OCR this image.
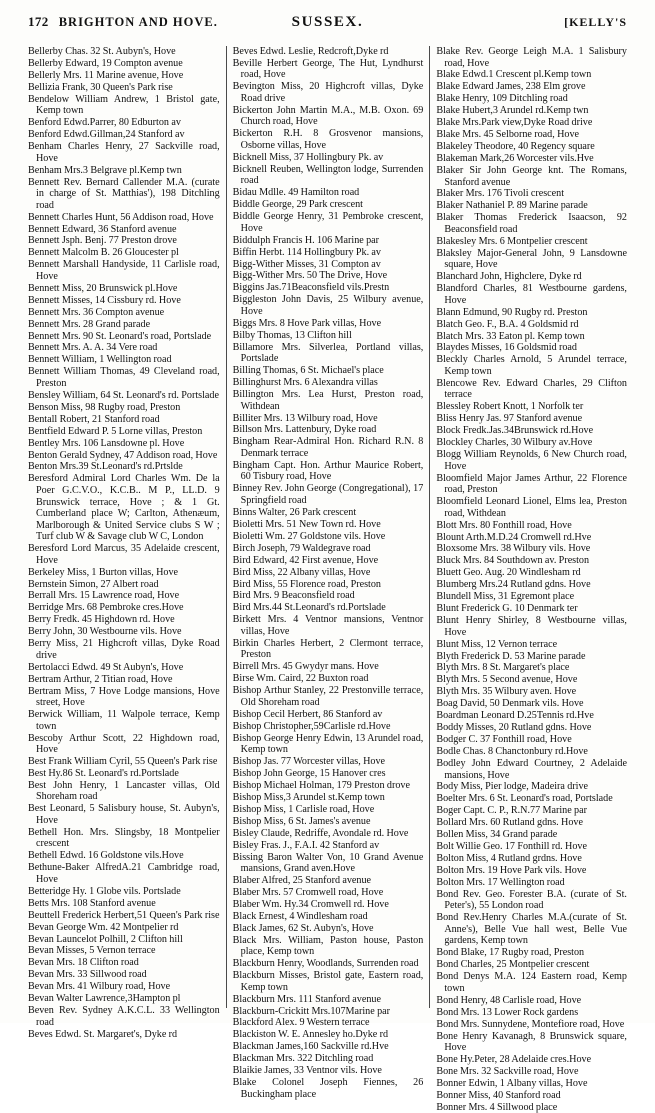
172 BRIGHTON AND HOVE.	SUSSEX.	[KELLY'S
Bellerby Chas. 32 St. Aubyn's, Hove
Bellerby Edward, 19 Compton avenue
Bellerly Mrs. 11 Marine avenue, Hove
Bellizia Frank, 30 Queen's Park rise
Bendelow William Andrew, 1 Bristol gate, Kemp town
Benford Edwd.Parrer, 80 Edburton av
Benford Edwd.Gillman,24 Stanford av
Benham Charles Henry, 27 Sackville road, Hove
Benham Mrs.3 Belgrave pl.Kemp twn
Bennett Rev. Bernard Callender M.A. (curate in charge of St. Matthias'), 198 Ditchling road
Bennett Charles Hunt, 56 Addison road, Hove
Bennett Edward, 36 Stanford avenue
Bennett Jsph. Benj. 77 Preston drove
Bennett Malcolm B. 26 Gloucester pl
Bennett Marshall Handyside, 11 Carlisle road, Hove
Bennett Miss, 20 Brunswick pl.Hove
Bennett Misses, 14 Cissbury rd. Hove
Bennett Mrs. 36 Compton avenue
Bennett Mrs. 28 Grand parade
Bennett Mrs. 90 St. Leonard's road, Portslade
Bennett Mrs. A. A. 34 Vere road
Bennett William, 1 Wellington road
Bennett William Thomas, 49 Cleveland road, Preston
Bensley William, 64 St. Leonard's rd. Portslade
Benson Miss, 98 Rugby road, Preston
Bentall Robert, 21 Stanford road
Bentfield Edward P. 5 Lorne villas, Preston
Bentley Mrs. 106 Lansdowne pl. Hove
Benton Gerald Sydney, 47 Addison road, Hove
Benton Mrs.39 St.Leonard's rd.Prtslde
Beresford Admiral Lord Charles Wm. De la Poer G.C.V.O., K.C.B.. M P., LL.D. 9 Brunswick terrace, Hove ; & 1 Gt. Cumberland place W; Carlton, Athenæum, Marlborough & United Service clubs S W ; Turf club W & Savage club W C, London
Beresford Lord Marcus, 35 Adelaide crescent, Hove
Berkeley Miss, 1 Burton villas, Hove
Bernstein Simon, 27 Albert road
Berrall Mrs. 15 Lawrence road, Hove
Berridge Mrs. 68 Pembroke cres.Hove
Berry Fredk. 45 Highdown rd. Hove
Berry John, 30 Westbourne vils. Hove
Berry Miss, 21 Highcroft villas, Dyke Road drive
Bertolacci Edwd. 49 St Aubyn's, Hove
Bertram Arthur, 2 Titian road, Hove
Bertram Miss, 7 Hove Lodge mansions, Hove street, Hove
Berwick William, 11 Walpole terrace, Kemp town
Bescoby Arthur Scott, 22 Highdown road, Hove
Best Frank William Cyril, 55 Queen's Park rise
Best Hy.86 St. Leonard's rd.Portslade
Best John Henry, 1 Lancaster villas, Old Shoreham road
Best Leonard, 5 Salisbury house, St. Aubyn's, Hove
Bethell Hon. Mrs. Slingsby, 18 Montpelier crescent
Bethell Edwd. 16 Goldstone vils.Hove
Bethune-Baker AlfredA.21 Cambridge road, Hove
Betteridge Hy. 1 Globe vils. Portslade
Betts Mrs. 108 Stanford avenue
Beuttell Frederick Herbert,51 Queen's Park rise
Bevan George Wm. 42 Montpelier rd
Bevan Launcelot Polhill, 2 Clifton hill
Bevan Misses, 5 Vernon terrace
Bevan Mrs. 18 Clifton road
Bevan Mrs. 33 Sillwood road
Bevan Mrs. 41 Wilbury road, Hove
Bevan Walter Lawrence,3Hampton pl
Beven Rev. Sydney A.K.C.L. 33 Wellington road
Beves Edwd. St. Margaret's, Dyke rd
Beves Edwd. Leslie, Redcroft,Dyke rd
Beville Herbert George, The Hut, Lyndhurst road, Hove
Bevington Miss, 20 Highcroft villas, Dyke Road drive
Bickerton John Martin M.A., M.B. Oxon. 69 Church road, Hove
Bickerton R.H. 8 Grosvenor mansions, Osborne villas, Hove
Bicknell Miss, 37 Hollingbury Pk. av
Bicknell Reuben, Wellington lodge, Surrenden road
Bidau Mdlle. 49 Hamilton road
Biddle George, 29 Park crescent
Biddle George Henry, 31 Pembroke crescent, Hove
Biddulph Francis H. 106 Marine par
Biffin Herbt. 114 Hollingbury Pk. av
Bigg-Wither Misses, 31 Compton av
Bigg-Wither Mrs. 50 The Drive, Hove
Biggins Jas.71Beaconsfield vils.Prestn
Biggleston John Davis, 25 Wilbury avenue, Hove
Biggs Mrs. 8 Hove Park villas, Hove
Bilby Thomas, 13 Clifton hill
Billamore Mrs. Silverlea, Portland villas, Portslade
Billing Thomas, 6 St. Michael's place
Billinghurst Mrs. 6 Alexandra villas
Billington Mrs. Lea Hurst, Preston road, Withdean
Billiter Mrs. 13 Wilbury road, Hove
Billson Mrs. Lattenbury, Dyke road
Bingham Rear-Admiral Hon. Richard R.N. 8 Denmark terrace
Bingham Capt. Hon. Arthur Maurice Robert, 60 Tisbury road, Hove
Binney Rev. John George (Congregational), 17 Springfield road
Binns Walter, 26 Park crescent
Bioletti Mrs. 51 New Town rd. Hove
Bioletti Wm. 27 Goldstone vils. Hove
Birch Joseph, 79 Waldegrave road
Bird Edward, 42 First avenue, Hove
Bird Miss, 22 Albany villas, Hove
Bird Miss, 55 Florence road, Preston
Bird Mrs. 9 Beaconsfield road
Bird Mrs.44 St.Leonard's rd.Portslade
Birkett Mrs. 4 Ventnor mansions, Ventnor villas, Hove
Birkin Charles Herbert, 2 Clermont terrace, Preston
Birrell Mrs. 45 Gwydyr mans. Hove
Birse Wm. Caird, 22 Buxton road
Bishop Arthur Stanley, 22 Prestonville terrace, Old Shoreham road
Bishop Cecil Herbert, 86 Stanford av
Bishop Christopher,59Carlisle rd.Hove
Bishop George Henry Edwin, 13 Arundel road, Kemp town
Bishop Jas. 77 Worcester villas, Hove
Bishop John George, 15 Hanover cres
Bishop Michael Holman, 179 Preston drove
Bishop Miss,3 Arundel st.Kemp town
Bishop Miss, 1 Carlisle road, Hove
Bishop Miss, 6 St. James's avenue
Bisley Claude, Redriffe, Avondale rd. Hove
Bisley Fras. J., F.A.I. 42 Stanford av
Bissing Baron Walter Von, 10 Grand Avenue mansions, Grand aven.Hove
Blaber Alfred, 25 Stanford avenue
Blaber Mrs. 57 Cromwell road, Hove
Blaber Wm. Hy.34 Cromwell rd. Hove
Black Ernest, 4 Windlesham road
Black James, 62 St. Aubyn's, Hove
Black Mrs. William, Paston house, Paston place, Kemp town
Blackburn Henry, Woodlands, Surrenden road
Blackburn Misses, Bristol gate, Eastern road, Kemp town
Blackburn Mrs. 111 Stanford avenue
Blackburn-Crickitt Mrs.107Marine par
Blackford Alex. 9 Western terrace
Blackiston W. E. Annesley ho.Dyke rd
Blackman James,160 Sackville rd.Hve
Blackman Mrs. 322 Ditchling road
Blaikie James, 33 Ventnor vils. Hove
Blake Colonel Joseph Fiennes, 26 Buckingham place
Blake Rev. George Leigh M.A. 1 Salisbury road, Hove
Blake Edwd.1 Crescent pl.Kemp town
Blake Edward James, 238 Elm grove
Blake Henry, 109 Ditchling road
Blake Hubert,3 Arundel rd.Kemp twn
Blake Mrs.Park view,Dyke Road drive
Blake Mrs. 45 Selborne road, Hove
Blakeley Theodore, 40 Regency square
Blakeman Mark,26 Worcester vils.Hve
Blaker Sir John George knt. The Romans, Stanford avenue
Blaker Mrs. 176 Tivoli crescent
Blaker Nathaniel P. 89 Marine parade
Blaker Thomas Frederick Isaacson, 92 Beaconsfield road
Blakesley Mrs. 6 Montpelier crescent
Blaksley Major-General John, 9 Lansdowne square, Hove
Blanchard John, Highclere, Dyke rd
Blandford Charles, 81 Westbourne gardens, Hove
Blann Edmund, 90 Rugby rd. Preston
Blatch Geo. F., B.A. 4 Goldsmid rd
Blatch Mrs. 33 Eaton pl. Kemp town
Blaydes Misses, 16 Goldsmid road
Bleckly Charles Arnold, 5 Arundel terrace, Kemp town
Blencowe Rev. Edward Charles, 29 Clifton terrace
Blessley Robert Knott, 1 Norfolk ter
Bliss Henry Jas. 97 Stanford avenue
Block Fredk.Jas.34Brunswick rd.Hove
Blockley Charles, 30 Wilbury av.Hove
Blogg William Reynolds, 6 New Church road, Hove
Bloomfield Major James Arthur, 22 Florence road, Preston
Bloomfield Leonard Lionel, Elms lea, Preston road, Withdean
Blott Mrs. 80 Fonthill road, Hove
Blount Arth.M.D.24 Cromwell rd.Hve
Bloxsome Mrs. 38 Wilbury vils. Hove
Bluck Mrs. 84 Southdown av. Preston
Bluett Geo. Aug. 20 Windlesham rd
Blumberg Mrs.24 Rutland gdns. Hove
Blundell Miss, 31 Egremont place
Blunt Frederick G. 10 Denmark ter
Blunt Henry Shirley, 8 Westbourne villas, Hove
Blunt Miss, 12 Vernon terrace
Blyth Frederick D. 53 Marine parade
Blyth Mrs. 8 St. Margaret's place
Blyth Mrs. 5 Second avenue, Hove
Blyth Mrs. 35 Wilbury aven. Hove
Boag David, 50 Denmark vils. Hove
Boardman Leonard D.25Tennis rd.Hve
Boddy Misses, 20 Rutland gdns. Hove
Bodger C. 37 Fonthill road, Hove
Bodle Chas. 8 Chanctonbury rd.Hove
Bodley John Edward Courtney, 2 Adelaide mansions, Hove
Body Miss, Pier lodge, Madeira drive
Boelter Mrs. 6 St. Leonard's road, Portslade
Boger Capt. C. P., R.N.77 Marine par
Bollard Mrs. 60 Rutland gdns. Hove
Bollen Miss, 34 Grand parade
Bolt Willie Geo. 17 Fonthill rd. Hove
Bolton Miss, 4 Rutland grdns. Hove
Bolton Mrs. 19 Hove Park vils. Hove
Bolton Mrs. 17 Wellington road
Bond Rev. Geo. Forester B.A. (curate of St. Peter's), 55 London road
Bond Rev.Henry Charles M.A.(curate of St. Anne's), Belle Vue hall west, Belle Vue gardens, Kemp town
Bond Blake, 17 Rugby road, Preston
Bond Charles, 25 Montpelier crescent
Bond Denys M.A. 124 Eastern road, Kemp town
Bond Henry, 48 Carlisle road, Hove
Bond Mrs. 13 Lower Rock gardens
Bond Mrs. Sunnydene, Montefiore road, Hove
Bone Henry Kavanagh, 8 Brunswick square, Hove
Bone Hy.Peter, 28 Adelaide cres.Hove
Bone Mrs. 32 Sackville road, Hove
Bonner Edwin, 1 Albany villas, Hove
Bonner Miss, 40 Stanford road
Bonner Mrs. 4 Sillwood place
